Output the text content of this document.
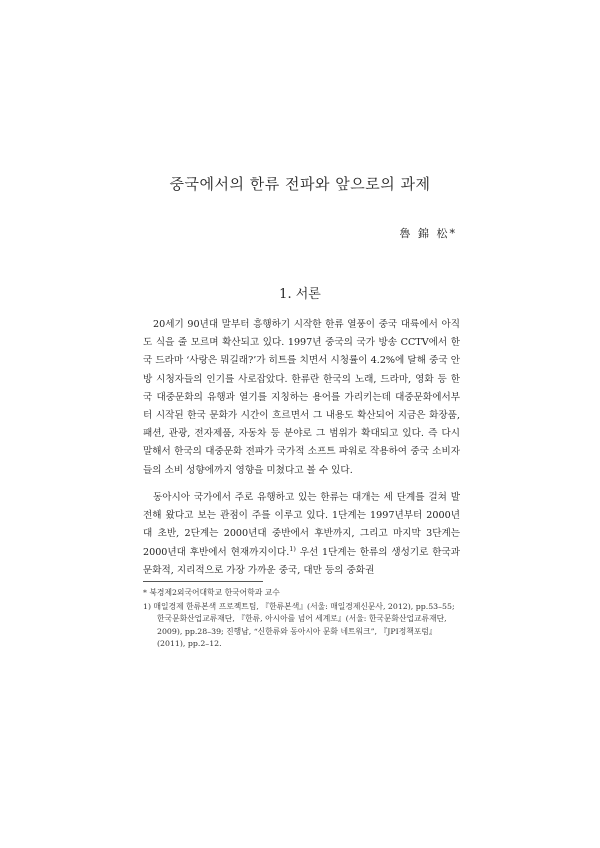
중국에서의 한류 전파와 앞으로의 과제
魯 錦 松*
1. 서론

20세기 90년대 말부터 흥행하기 시작한 한류 열풍이 중국 대륙에서 아직도 식을 줄 모르며 확산되고 있다. 1997년 중국의 국가 방송 CCTV에서 한국 드라마 ‘사랑은 뭐길래?’가 히트를 치면서 시청률이 4.2%에 달해 중국 안방 시청자들의 인기를 사로잡았다. 한류란 한국의 노래, 드라마, 영화 등 한국 대중문화의 유행과 열기를 지칭하는 용어를 가리키는데 대중문화에서부터 시작된 한국 문화가 시간이 흐르면서 그 내용도 확산되어 지금은 화장품, 패션, 관광, 전자제품, 자동차 등 분야로 그 범위가 확대되고 있다. 즉 다시 말해서 한국의 대중문화 전파가 국가적 소프트 파워로 작용하여 중국 소비자들의 소비 성향에까지 영향을 미쳤다고 볼 수 있다.

동아시아 국가에서 주로 유행하고 있는 한류는 대개는 세 단계를 걸쳐 발전해 왔다고 보는 관점이 주를 이루고 있다. 1단계는 1997년부터 2000년대 초반, 2단계는 2000년대 중반에서 후반까지, 그리고 마지막 3단계는 2000년대 후반에서 현재까지이다.$^{1)}$ 우선 1단계는 한류의 생성기로 한국과 문화적, 지리적으로 가장 가까운 중국, 대만 등의 중화권

* 북경제2외국어대학교 한국어학과 교수

1) 매일경제 한류본색 프로젝트팀, 『한류본색』(서울: 매일경제신문사, 2012), pp.53–55; 한국문화산업교류재단, 『한류, 아시아를 넘어 세계로』(서울: 한국문화산업교류재단, 2009), pp.28–39; 진행남, “신한류와 동아시아 문화 네트워크”, 『JPI정책포럼』(2011), pp.2–12.
